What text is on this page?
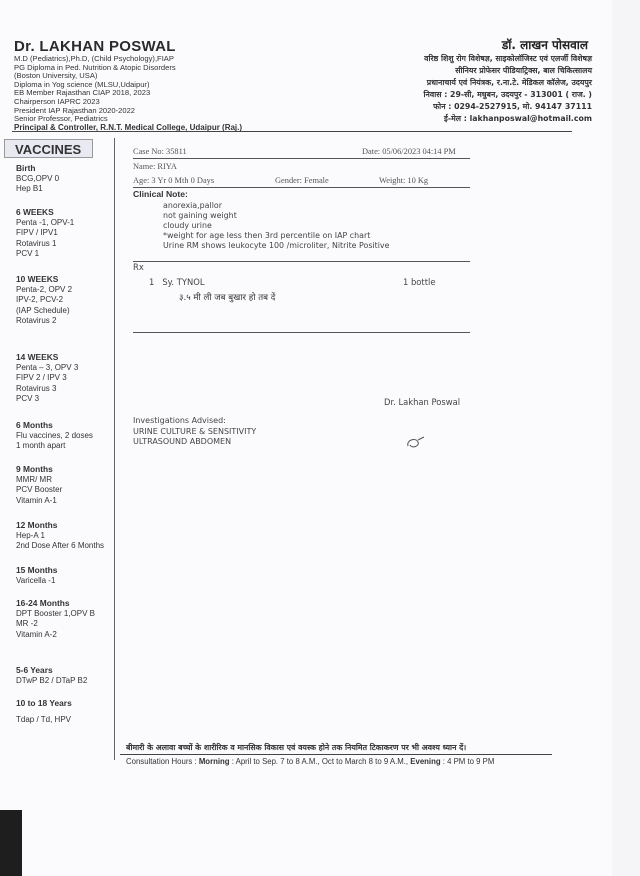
Dr. LAKHAN POSWAL
M.D (Pediatrics),Ph.D, (Child Psychology),FIAP
PG Diploma in Ped. Nutrition & Atopic Disorders
(Boston University, USA)
Diploma in Yog science (MLSU,Udaipur)
EB Member Rajasthan CIAP 2018, 2023
Chairperson IAPRC 2023
President IAP Rajasthan 2020-2022
Senior Professor, Pediatrics
Principal & Controller, R.N.T. Medical College, Udaipur (Raj.)
डॉ. लाखन पोसवाल
वरिष्ठ शिशु रोग विशेषज्ञ, साइकोलॉजिस्ट एवं एलर्जी विशेषज्ञ
सीनियर प्रोफेसर पीडियाट्रिक्स, बाल चिकित्सालय
प्रधानाचार्य एवं नियंत्रक, र.ना.टे. मेडिकल कॉलेज, उदयपुर
निवास : 29-सी, मधुबन, उदयपुर - 313001 ( राज. )
फोन : 0294-2527915, मो. 94147 37111
ई-मेल : lakhanposwal@hotmail.com
VACCINES
Birth
BCG,OPV 0
Hep B1
6 WEEKS
Penta -1, OPV-1
FIPV / IPV1
Rotavirus 1
PCV 1
10 WEEKS
Penta-2, OPV 2
IPV-2, PCV-2
(IAP Schedule)
Rotavirus 2
14 WEEKS
Penta – 3, OPV 3
FIPV 2 / IPV 3
Rotavirus 3
PCV 3
6 Months
Flu vaccines, 2 doses
1 month apart
9 Months
MMR/ MR
PCV Booster
Vitamin A-1
12 Months
Hep-A 1
2nd Dose After 6 Months
15 Months
Varicella -1
16-24 Months
DPT Booster 1,OPV B
MR -2
Vitamin A-2
5-6 Years
DTwP B2 / DTaP B2
10 to 18 Years
Tdap / Td, HPV
Case No: 35811	Date: 05/06/2023 04:14 PM
Name: RIYA
Age: 3 Yr 0 Mth 0 Days	Gender: Female	Weight: 10 Kg
Clinical Note:
anorexia,pallor
not gaining weight
cloudy urine
*weight for age less then 3rd percentile on IAP chart
Urine RM shows leukocyte 100 /microliter, Nitrite Positive
Rx
1 Sy. TYNOL	1 bottle
३.५ मी ली जब बुखार हो तब दें
Dr. Lakhan Poswal
Investigations Advised:
URINE CULTURE & SENSITIVITY
ULTRASOUND ABDOMEN
बीमारी के अलावा बच्चों के शारीरिक व मानसिक विकास एवं वयस्क होने तक नियमित टिकाकरण पर भी अवश्य ध्यान दें।
Consultation Hours : Morning : April to Sep. 7 to 8 A.M., Oct to March 8 to 9 A.M., Evening : 4 PM to 9 PM
